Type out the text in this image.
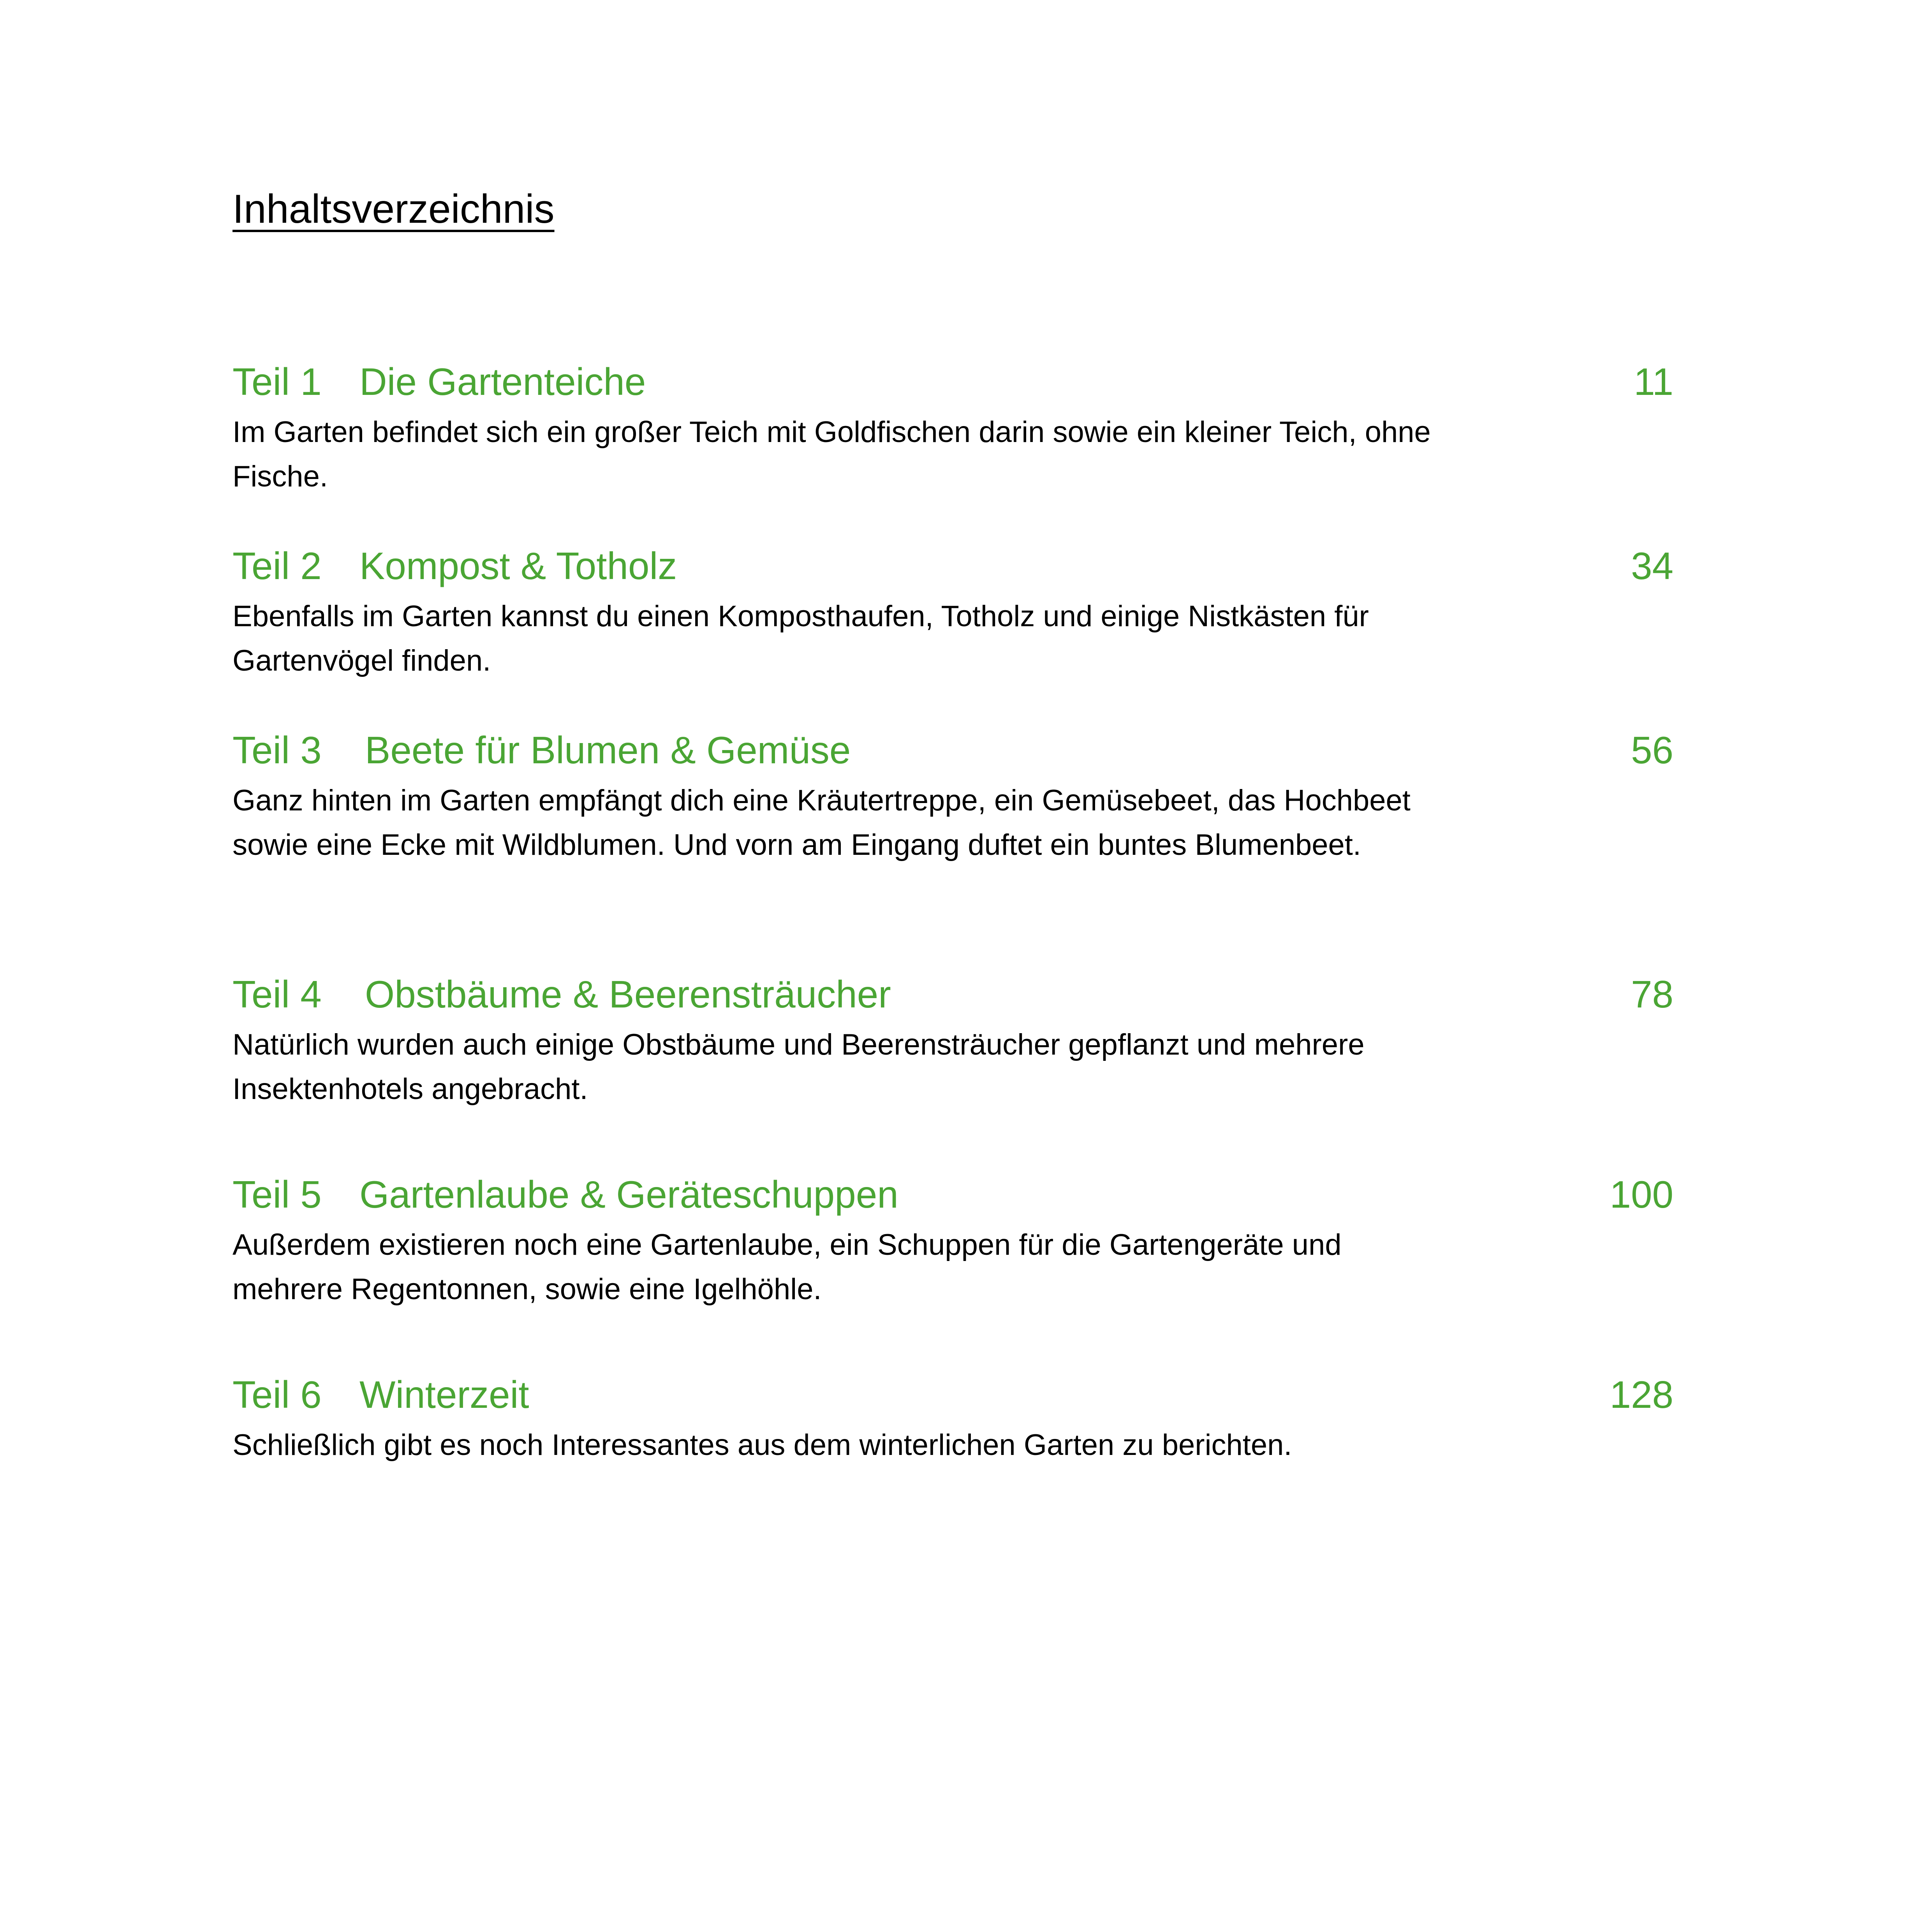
Inhaltsverzeichnis
Teil 1 Die Gartenteiche	11
Im Garten befindet sich ein großer Teich mit Goldfischen darin sowie ein kleiner Teich, ohne Fische.
Teil 2 Kompost & Totholz	34
Ebenfalls im Garten kannst du einen Komposthaufen, Totholz und einige Nistkästen für Gartenvögel finden.
Teil 3 Beete für Blumen & Gemüse	56
Ganz hinten im Garten empfängt dich eine Kräutertreppe, ein Gemüsebeet, das Hochbeet sowie eine Ecke mit Wildblumen. Und vorn am Eingang duftet ein buntes Blumenbeet.
Teil 4 Obstbäume & Beerensträucher	78
Natürlich wurden auch einige Obstbäume und Beerensträucher gepflanzt und mehrere Insektenhotels angebracht.
Teil 5 Gartenlaube & Geräteschuppen	100
Außerdem existieren noch eine Gartenlaube, ein Schuppen für die Gartengeräte und mehrere Regentonnen, sowie eine Igelhöhle.
Teil 6 Winterzeit	128
Schließlich gibt es noch Interessantes aus dem winterlichen Garten zu berichten.
